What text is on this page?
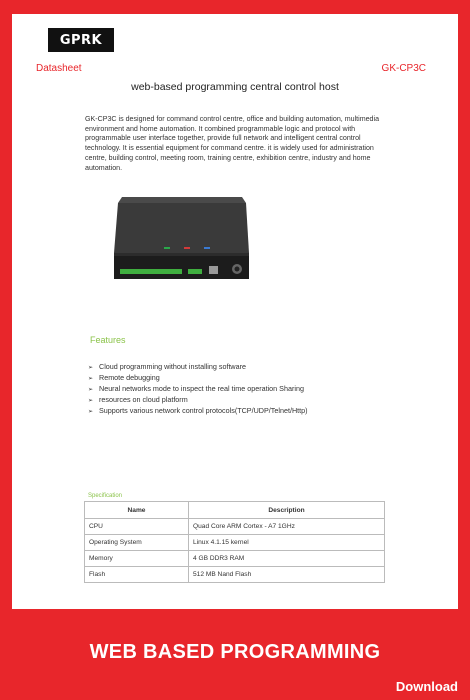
GPRK
Datasheet	GK-CP3C
web-based programming central control host
GK-CP3C is designed for command control centre, office and building automation, multimedia environment and home automation. It combined programmable logic and protocol with programmable user interface together, provide full network and intelligent central control technology. It is essential equipment for command centre. it is widely used for administration centre, building control, meeting room, training centre, exhibition centre, industry and home automation.
Features
➢ Cloud programming without installing software
➢ Remote debugging
➢ Neural networks mode to inspect the real time operation Sharing
➢ resources on cloud platform
➢ Supports various network control protocols(TCP/UDP/Telnet/Http)
Specification
Name	Description
CPU	Quad Core ARM Cortex - A7 1GHz
Operating System	Linux 4.1.15 kernel
Memory	4 GB DDR3 RAM
Flash	512 MB Nand Flash
WEB BASED PROGRAMMING
Download
